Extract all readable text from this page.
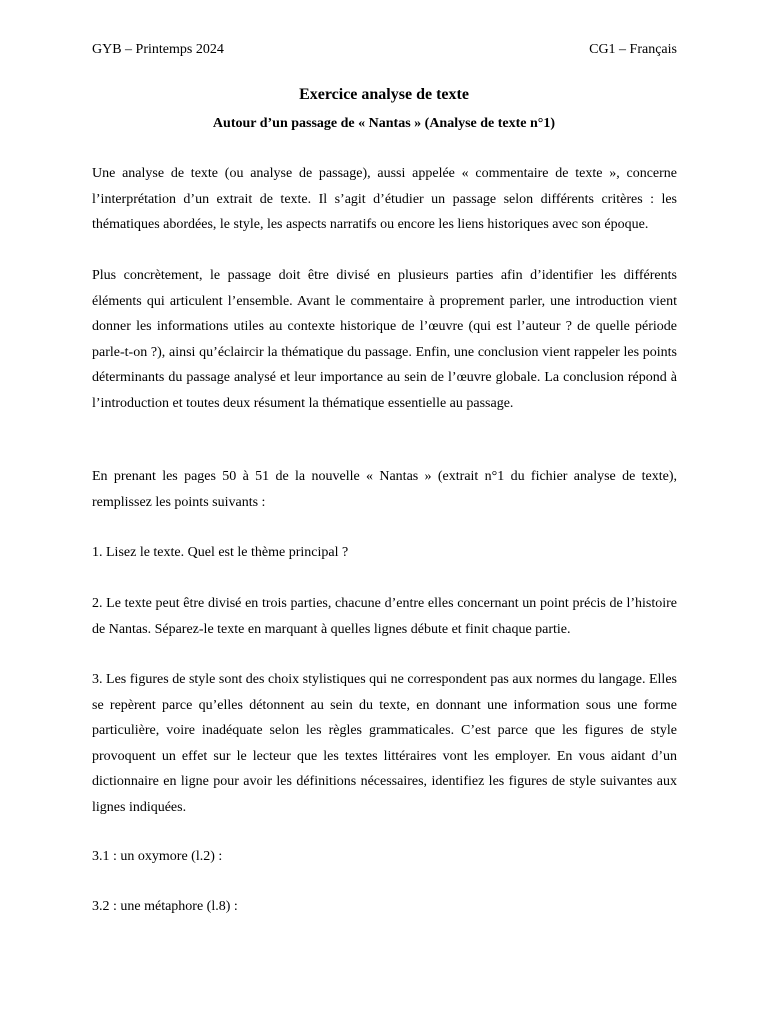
GYB – Printemps 2024	CG1 – Français
Exercice analyse de texte
Autour d’un passage de « Nantas » (Analyse de texte n°1)

Une analyse de texte (ou analyse de passage), aussi appelée « commentaire de texte », concerne l’interprétation d’un extrait de texte. Il s’agit d’étudier un passage selon différents critères : les thématiques abordées, le style, les aspects narratifs ou encore les liens historiques avec son époque.

Plus concrètement, le passage doit être divisé en plusieurs parties afin d’identifier les différents éléments qui articulent l’ensemble. Avant le commentaire à proprement parler, une introduction vient donner les informations utiles au contexte historique de l’œuvre (qui est l’auteur ? de quelle période parle-t-on ?), ainsi qu’éclaircir la thématique du passage. Enfin, une conclusion vient rappeler les points déterminants du passage analysé et leur importance au sein de l’œuvre globale. La conclusion répond à l’introduction et toutes deux résument la thématique essentielle au passage.

En prenant les pages 50 à 51 de la nouvelle « Nantas » (extrait n°1 du fichier analyse de texte), remplissez les points suivants :

1. Lisez le texte. Quel est le thème principal ?

2. Le texte peut être divisé en trois parties, chacune d’entre elles concernant un point précis de l’histoire de Nantas. Séparez-le texte en marquant à quelles lignes débute et finit chaque partie.

3. Les figures de style sont des choix stylistiques qui ne correspondent pas aux normes du langage. Elles se repèrent parce qu’elles détonnent au sein du texte, en donnant une information sous une forme particulière, voire inadéquate selon les règles grammaticales. C’est parce que les figures de style provoquent un effet sur le lecteur que les textes littéraires vont les employer. En vous aidant d’un dictionnaire en ligne pour avoir les définitions nécessaires, identifiez les figures de style suivantes aux lignes indiquées.

3.1 : un oxymore (l.2) :

3.2 : une métaphore (l.8) :
